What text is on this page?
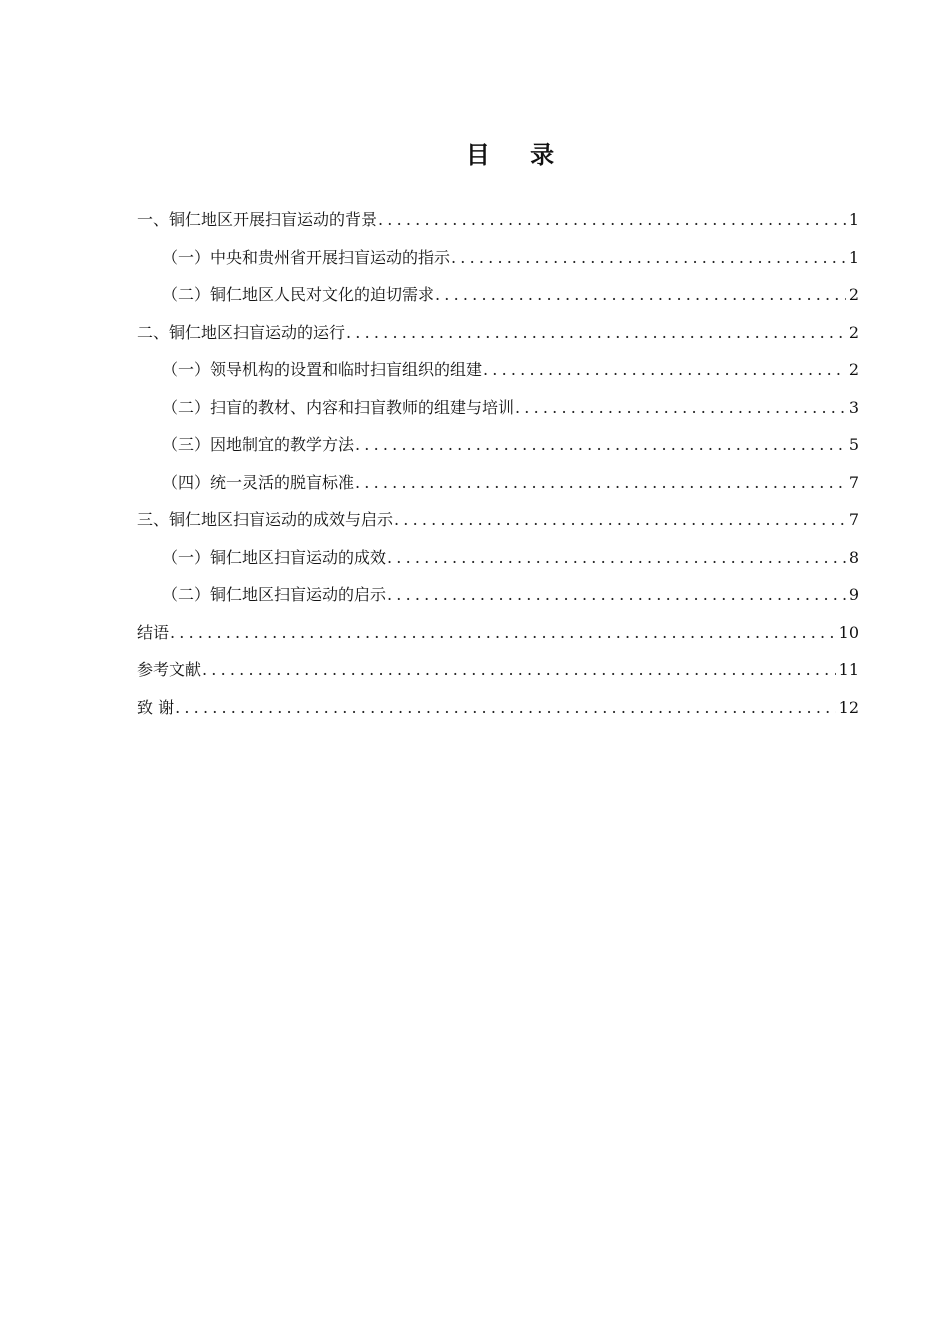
目 录
一、铜仁地区开展扫盲运动的背景 .....	1
（一）中央和贵州省开展扫盲运动的指示 .....	1
（二）铜仁地区人民对文化的迫切需求 .....	2
二、铜仁地区扫盲运动的运行 .....	2
（一）领导机构的设置和临时扫盲组织的组建 .....	2
（二）扫盲的教材、内容和扫盲教师的组建与培训 .....	3
（三）因地制宜的教学方法 .....	5
（四）统一灵活的脱盲标准 .....	7
三、铜仁地区扫盲运动的成效与启示 .....	7
（一）铜仁地区扫盲运动的成效 .....	8
（二）铜仁地区扫盲运动的启示 .....	9
结语 .....	10
参考文献 .....	11
致 谢 .....	12
